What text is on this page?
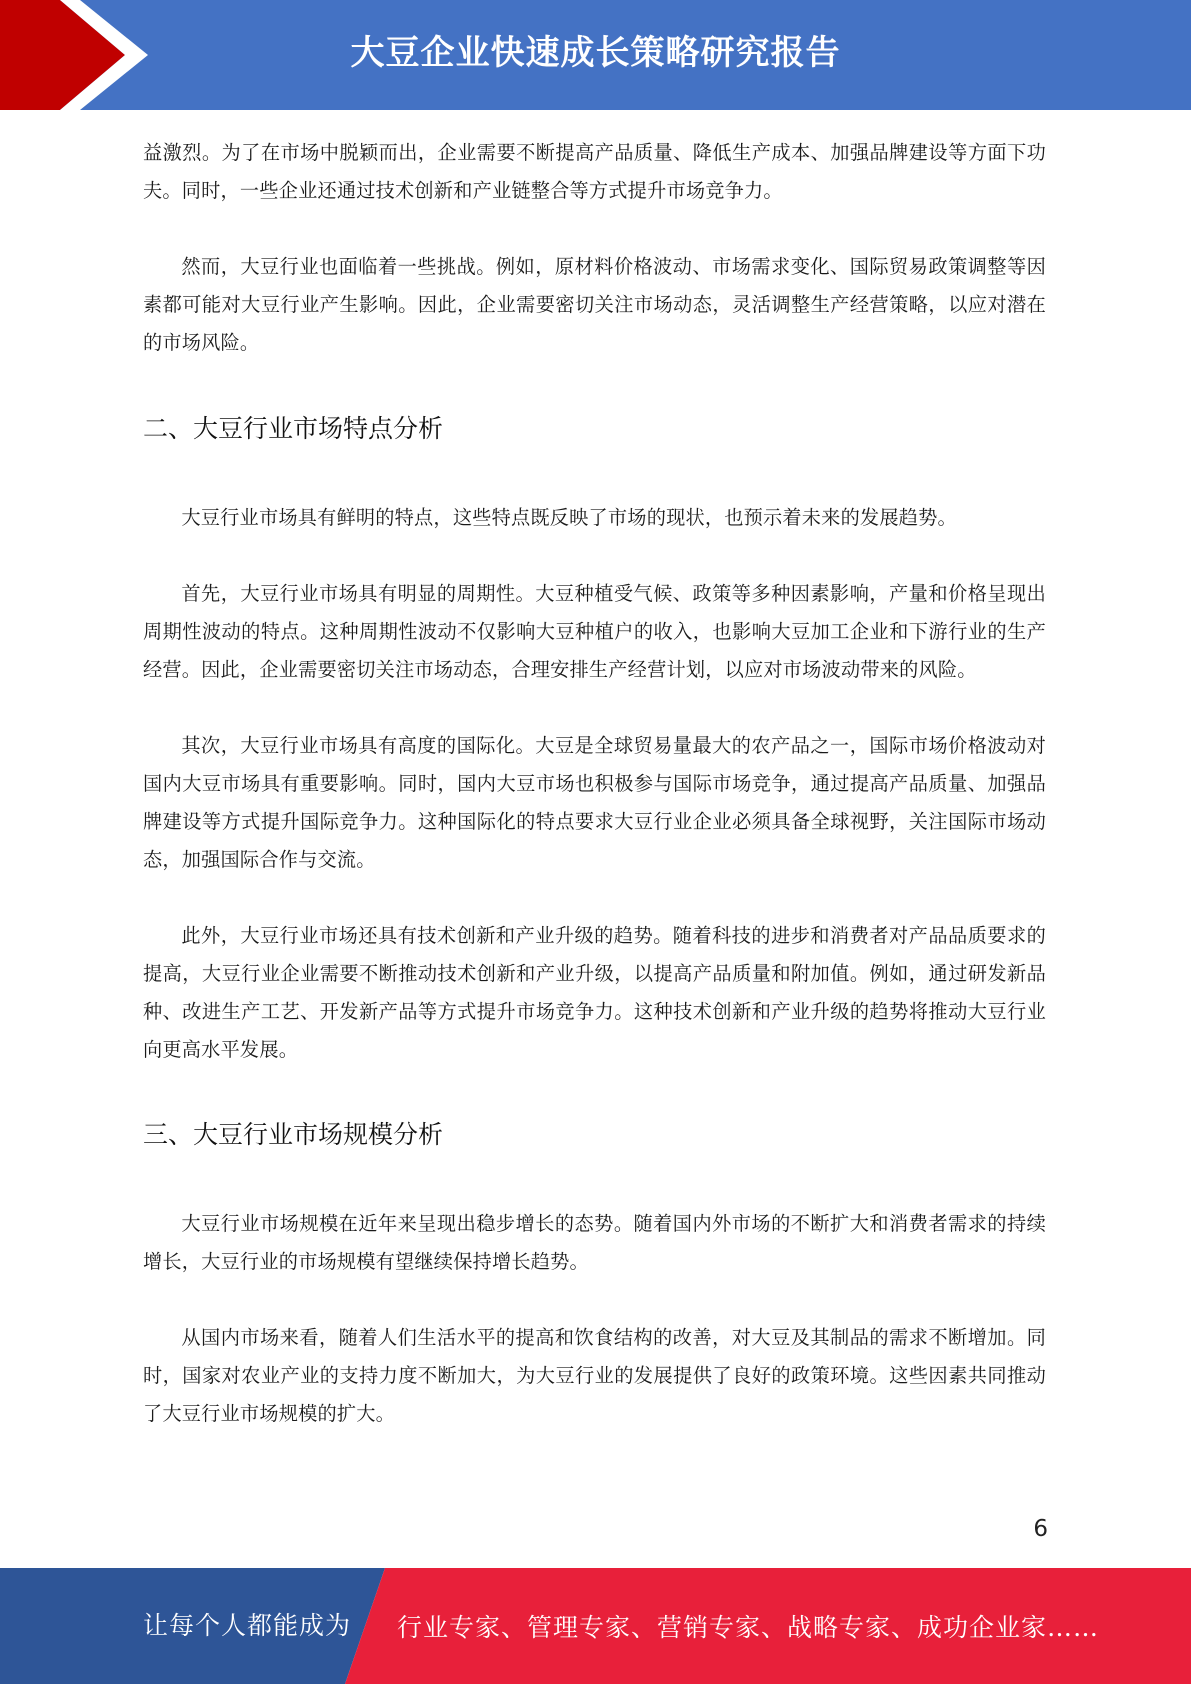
大豆企业快速成长策略研究报告

益激烈。为了在市场中脱颖而出，企业需要不断提高产品质量、降低生产成本、加强品牌建设等方面下功夫。同时，一些企业还通过技术创新和产业链整合等方式提升市场竞争力。

然而，大豆行业也面临着一些挑战。例如，原材料价格波动、市场需求变化、国际贸易政策调整等因素都可能对大豆行业产生影响。因此，企业需要密切关注市场动态，灵活调整生产经营策略，以应对潜在的市场风险。

二、大豆行业市场特点分析

大豆行业市场具有鲜明的特点，这些特点既反映了市场的现状，也预示着未来的发展趋势。

首先，大豆行业市场具有明显的周期性。大豆种植受气候、政策等多种因素影响，产量和价格呈现出周期性波动的特点。这种周期性波动不仅影响大豆种植户的收入，也影响大豆加工企业和下游行业的生产经营。因此，企业需要密切关注市场动态，合理安排生产经营计划，以应对市场波动带来的风险。

其次，大豆行业市场具有高度的国际化。大豆是全球贸易量最大的农产品之一，国际市场价格波动对国内大豆市场具有重要影响。同时，国内大豆市场也积极参与国际市场竞争，通过提高产品质量、加强品牌建设等方式提升国际竞争力。这种国际化的特点要求大豆行业企业必须具备全球视野，关注国际市场动态，加强国际合作与交流。

此外，大豆行业市场还具有技术创新和产业升级的趋势。随着科技的进步和消费者对产品品质要求的提高，大豆行业企业需要不断推动技术创新和产业升级，以提高产品质量和附加值。例如，通过研发新品种、改进生产工艺、开发新产品等方式提升市场竞争力。这种技术创新和产业升级的趋势将推动大豆行业向更高水平发展。

三、大豆行业市场规模分析

大豆行业市场规模在近年来呈现出稳步增长的态势。随着国内外市场的不断扩大和消费者需求的持续增长，大豆行业的市场规模有望继续保持增长趋势。

从国内市场来看，随着人们生活水平的提高和饮食结构的改善，对大豆及其制品的需求不断增加。同时，国家对农业产业的支持力度不断加大，为大豆行业的发展提供了良好的政策环境。这些因素共同推动了大豆行业市场规模的扩大。

6
让每个人都能成为 行业专家、管理专家、营销专家、战略专家、成功企业家……
